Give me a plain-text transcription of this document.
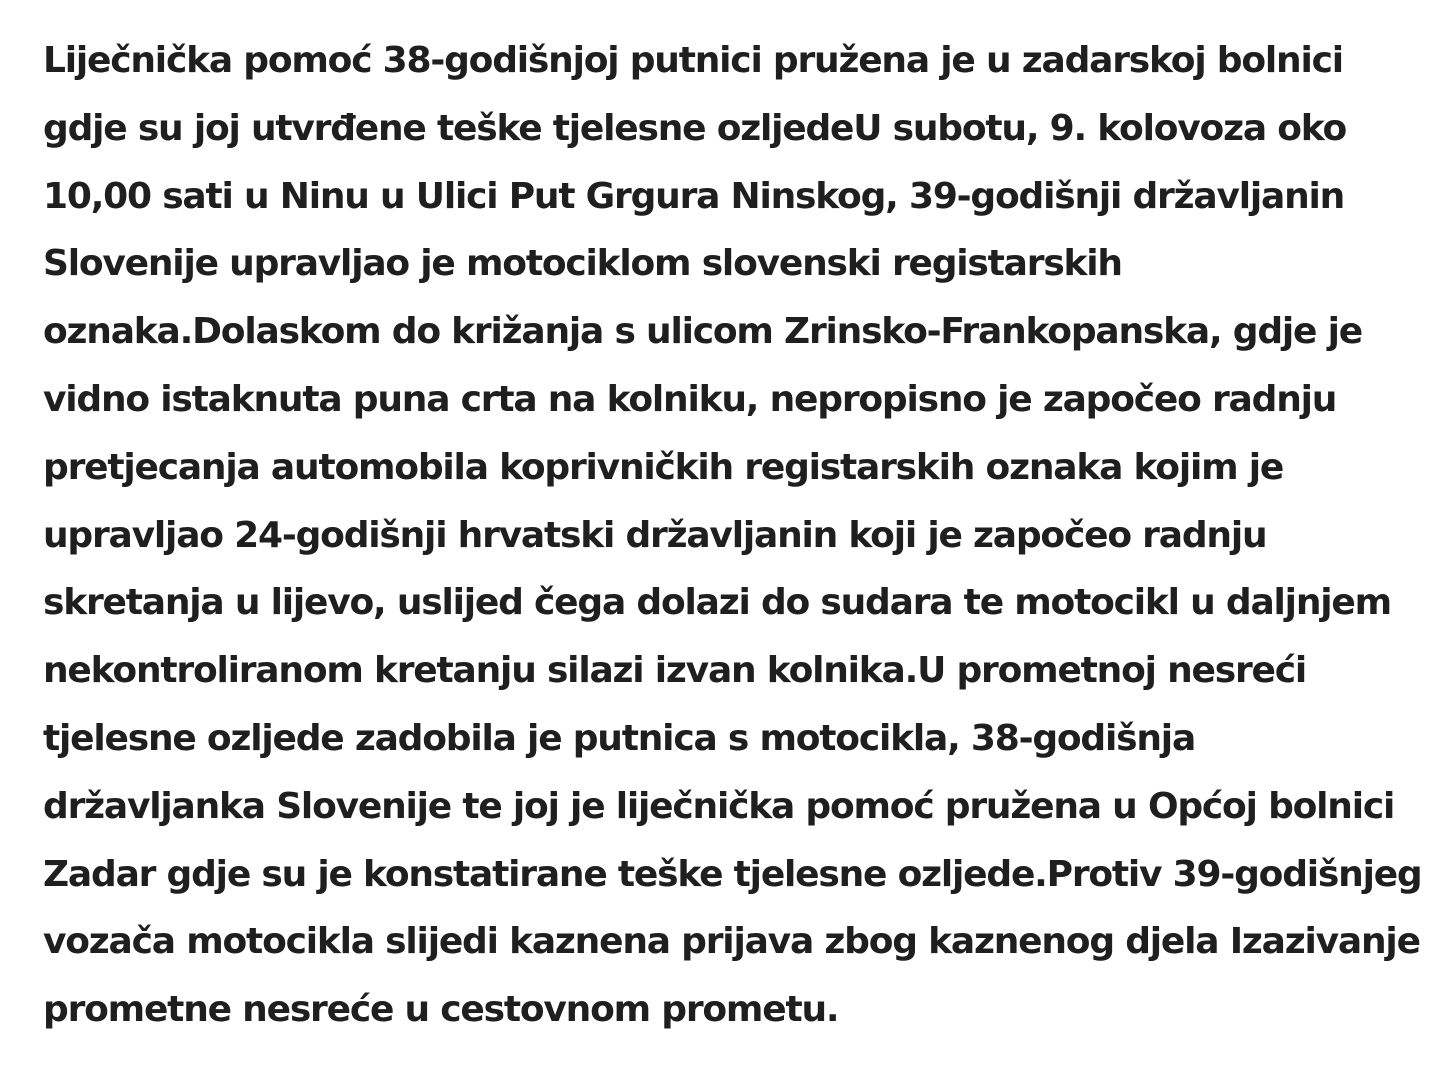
Liječnička pomoć 38-godišnjoj putnici pružena je u zadarskoj bolnici gdje su joj utvrđene teške tjelesne ozljedeU subotu, 9. kolovoza oko 10,00 sati u Ninu u Ulici Put Grgura Ninskog, 39-godišnji državljanin Slovenije upravljao je motociklom slovenski registarskih oznaka.Dolaskom do križanja s ulicom Zrinsko-Frankopanska, gdje je vidno istaknuta puna crta na kolniku, nepropisno je započeo radnju pretjecanja automobila koprivničkih registarskih oznaka kojim je upravljao 24-godišnji hrvatski državljanin koji je započeo radnju skretanja u lijevo, uslijed čega dolazi do sudara te motocikl u daljnjem nekontroliranom kretanju silazi izvan kolnika.U prometnoj nesreći tjelesne ozljede zadobila je putnica s motocikla, 38-godišnja državljanka Slovenije te joj je liječnička pomoć pružena u Općoj bolnici Zadar gdje su je konstatirane teške tjelesne ozljede.Protiv 39-godišnjeg vozača motocikla slijedi kaznena prijava zbog kaznenog djela Izazivanje prometne nesreće u cestovnom prometu.
